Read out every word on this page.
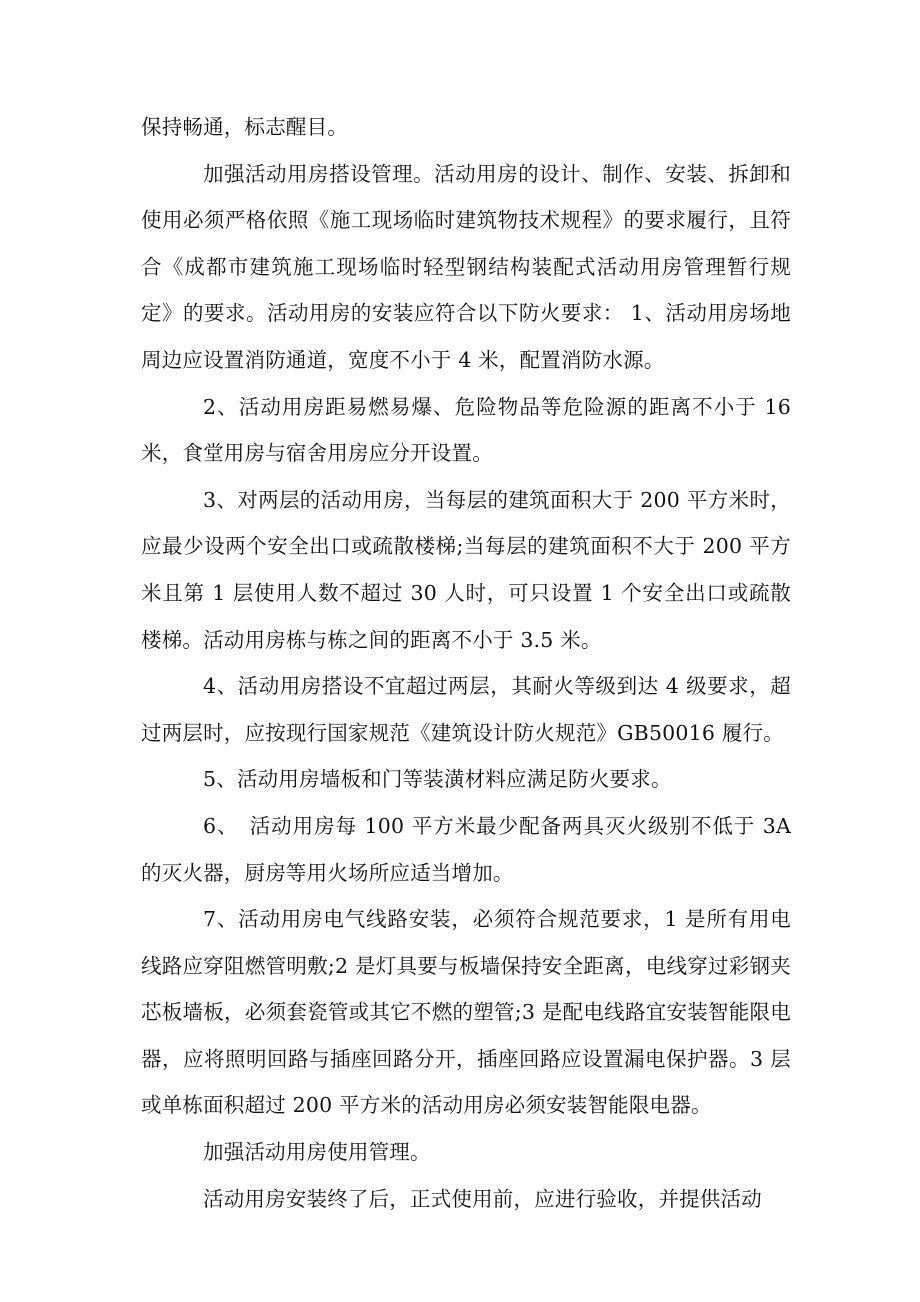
保持畅通，标志醒目。

加强活动用房搭设管理。活动用房的设计、制作、安装、拆卸和使用必须严格依照《施工现场临时建筑物技术规程》的要求履行，且符合《成都市建筑施工现场临时轻型钢结构装配式活动用房管理暂行规定》的要求。活动用房的安装应符合以下防火要求： 1、活动用房场地周边应设置消防通道，宽度不小于 4 米，配置消防水源。

2、活动用房距易燃易爆、危险物品等危险源的距离不小于 16 米，食堂用房与宿舍用房应分开设置。

3、对两层的活动用房，当每层的建筑面积大于 200 平方米时，应最少设两个安全出口或疏散楼梯;当每层的建筑面积不大于 200 平方米且第 1 层使用人数不超过 30 人时，可只设置 1 个安全出口或疏散楼梯。活动用房栋与栋之间的距离不小于 3.5 米。

4、活动用房搭设不宜超过两层，其耐火等级到达 4 级要求，超过两层时，应按现行国家规范《建筑设计防火规范》GB50016 履行。

5、活动用房墙板和门等装潢材料应满足防火要求。

6、　活动用房每 100 平方米最少配备两具灭火级别不低于 3A 的灭火器，厨房等用火场所应适当增加。

7、活动用房电气线路安装，必须符合规范要求，1 是所有用电线路应穿阻燃管明敷;2 是灯具要与板墙保持安全距离，电线穿过彩钢夹芯板墙板，必须套瓷管或其它不燃的塑管;3 是配电线路宜安装智能限电器，应将照明回路与插座回路分开，插座回路应设置漏电保护器。3 层或单栋面积超过 200 平方米的活动用房必须安装智能限电器。

加强活动用房使用管理。

活动用房安装终了后，正式使用前，应进行验收，并提供活动
